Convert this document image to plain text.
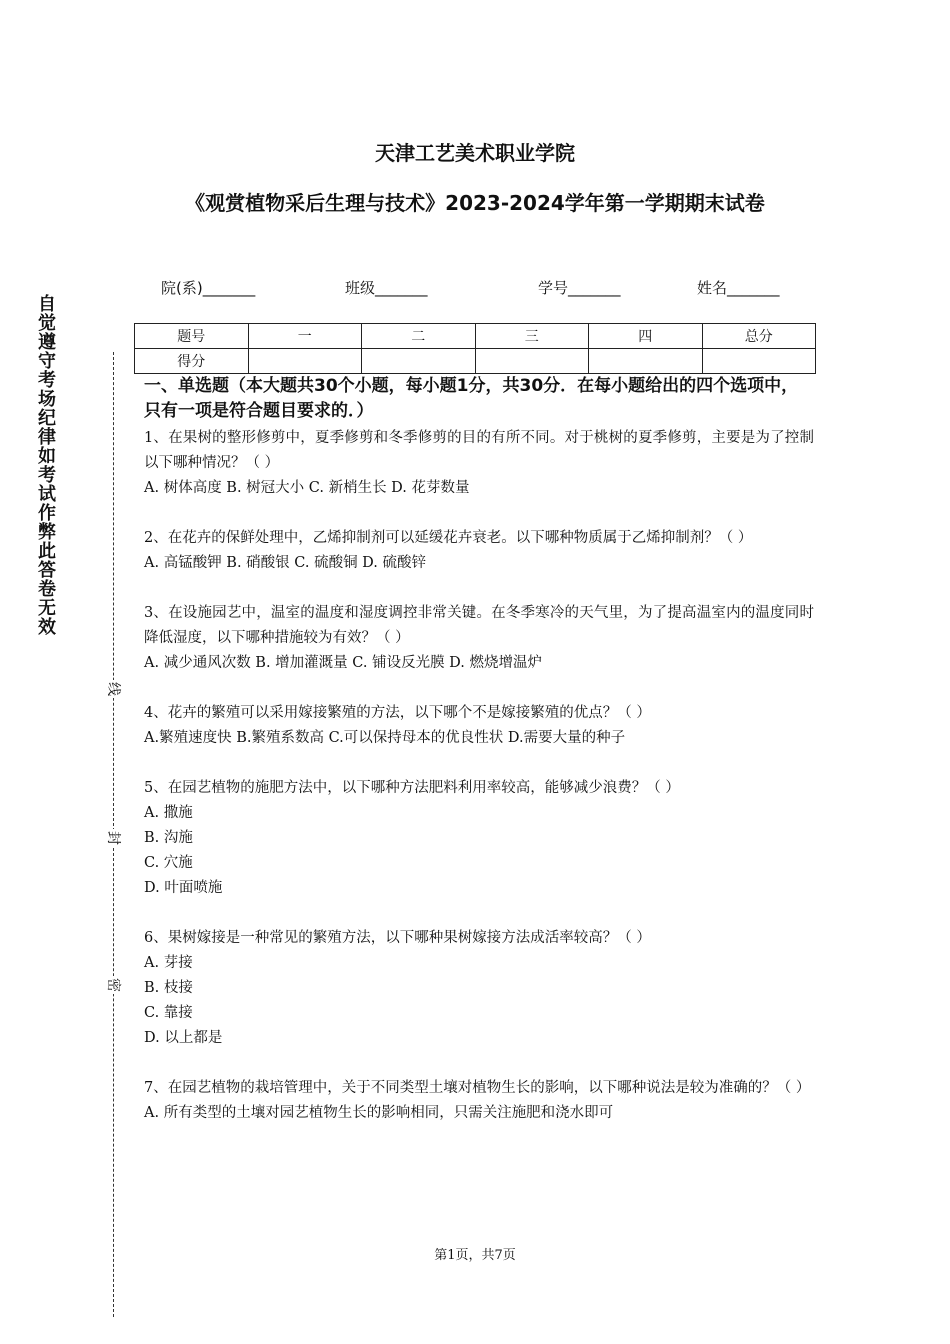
天津工艺美术职业学院
《观赏植物采后生理与技术》2023-2024学年第一学期期末试卷
院(系)_______	班级_______	学号_______	姓名_______
题号	一	二	三	四	总分
得分					
自觉遵守考场纪律如考试作弊此答卷无效
线
封
密
一、单选题（本大题共30个小题，每小题1分，共30分．在每小题给出的四个选项中，只有一项是符合题目要求的．）
1、在果树的整形修剪中，夏季修剪和冬季修剪的目的有所不同。对于桃树的夏季修剪，主要是为了控制以下哪种情况？（ ）
A. 树体高度 B. 树冠大小 C. 新梢生长 D. 花芽数量
2、在花卉的保鲜处理中，乙烯抑制剂可以延缓花卉衰老。以下哪种物质属于乙烯抑制剂？（ ）
A. 高锰酸钾 B. 硝酸银 C. 硫酸铜 D. 硫酸锌
3、在设施园艺中，温室的温度和湿度调控非常关键。在冬季寒冷的天气里，为了提高温室内的温度同时降低湿度，以下哪种措施较为有效？（ ）
A. 减少通风次数 B. 增加灌溉量 C. 铺设反光膜 D. 燃烧增温炉
4、花卉的繁殖可以采用嫁接繁殖的方法，以下哪个不是嫁接繁殖的优点？（ ）
A.繁殖速度快 B.繁殖系数高 C.可以保持母本的优良性状 D.需要大量的种子
5、在园艺植物的施肥方法中，以下哪种方法肥料利用率较高，能够减少浪费？（ ）
A. 撒施
B. 沟施
C. 穴施
D. 叶面喷施
6、果树嫁接是一种常见的繁殖方法，以下哪种果树嫁接方法成活率较高？（ ）
A. 芽接
B. 枝接
C. 靠接
D. 以上都是
7、在园艺植物的栽培管理中，关于不同类型土壤对植物生长的影响，以下哪种说法是较为准确的？（ ）
A. 所有类型的土壤对园艺植物生长的影响相同，只需关注施肥和浇水即可
第1页，共7页
